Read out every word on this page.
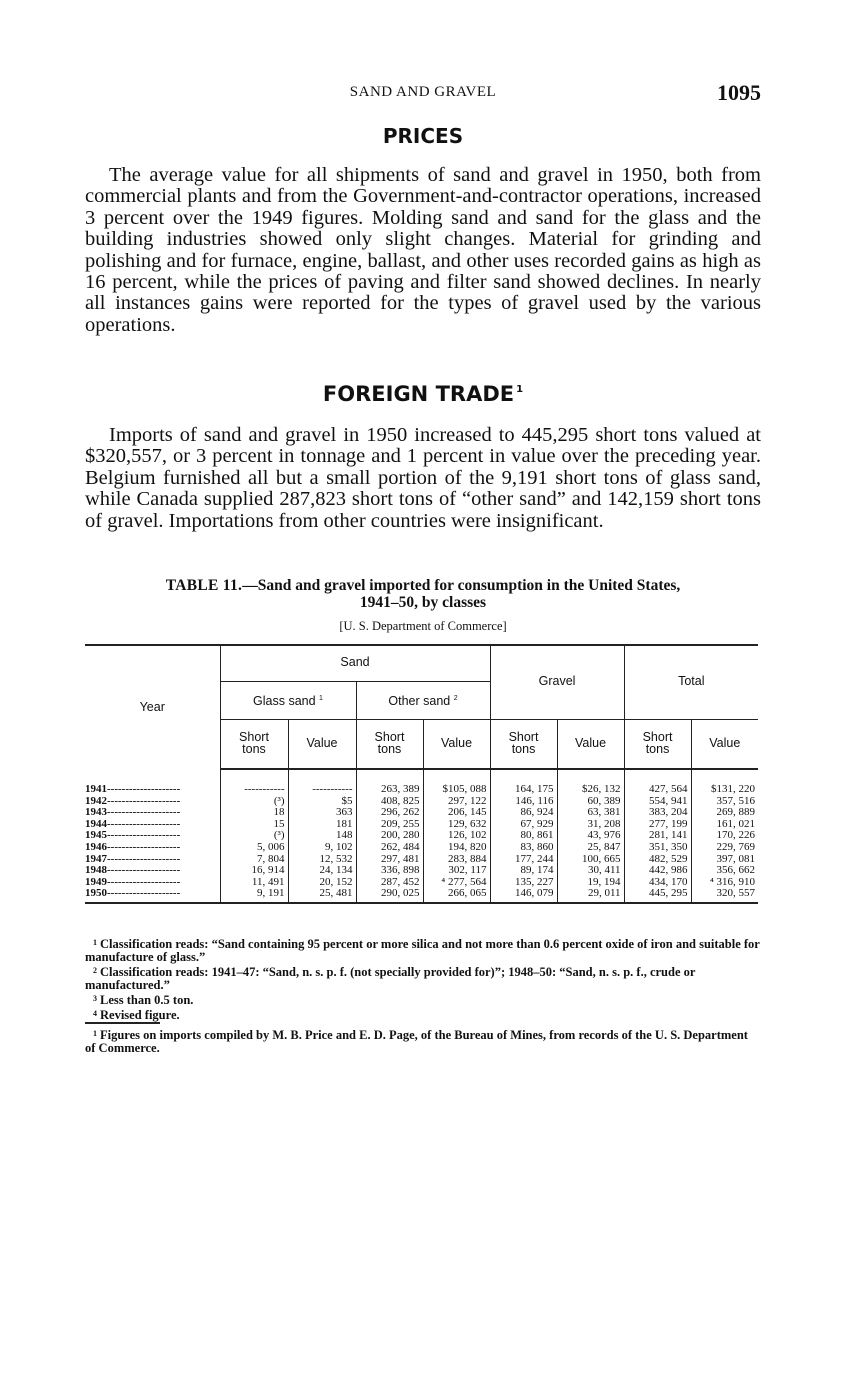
SAND AND GRAVEL	1095
PRICES

The average value for all shipments of sand and gravel in 1950, both from commercial plants and from the Government-and-contractor operations, increased 3 percent over the 1949 figures. Molding sand and sand for the glass and the building industries showed only slight changes. Material for grinding and polishing and for furnace, engine, ballast, and other uses recorded gains as high as 16 percent, while the prices of paving and filter sand showed declines. In nearly all instances gains were reported for the types of gravel used by the various operations.

FOREIGN TRADE $^1$

Imports of sand and gravel in 1950 increased to 445,295 short tons valued at $320,557, or 3 percent in tonnage and 1 percent in value over the preceding year. Belgium furnished all but a small portion of the 9,191 short tons of glass sand, while Canada supplied 287,823 short tons of “other sand” and 142,159 short tons of gravel. Importations from other countries were insignificant.

TABLE 11.—Sand and gravel imported for consumption in the United States,
1941–50, by classes
[U. S. Department of Commerce]
Year	Sand				Gravel		Total	
	Glass sand $^1$		Other sand $^2$
	Short
tons	Value	Short
tons	Value	Short
tons	Value	Short
tons	Value
1941--------------------	-----------	-----------	263, 389	$105, 088	164, 175	$26, 132	427, 564	$131, 220
1942--------------------	(³)	$5	408, 825	297, 122	146, 116	60, 389	554, 941	357, 516
1943--------------------	18	363	296, 262	206, 145	86, 924	63, 381	383, 204	269, 889
1944--------------------	15	181	209, 255	129, 632	67, 929	31, 208	277, 199	161, 021
1945--------------------	(³)	148	200, 280	126, 102	80, 861	43, 976	281, 141	170, 226
1946--------------------	5, 006	9, 102	262, 484	194, 820	83, 860	25, 847	351, 350	229, 769
1947--------------------	7, 804	12, 532	297, 481	283, 884	177, 244	100, 665	482, 529	397, 081
1948--------------------	16, 914	24, 134	336, 898	302, 117	89, 174	30, 411	442, 986	356, 662
1949--------------------	11, 491	20, 152	287, 452	⁴ 277, 564	135, 227	19, 194	434, 170	⁴ 316, 910
1950--------------------	9, 191	25, 481	290, 025	266, 065	146, 079	29, 011	445, 295	320, 557

$^1$ Classification reads: “Sand containing 95 percent or more silica and not more than 0.6 percent oxide of iron and suitable for manufacture of glass.”

$^2$ Classification reads: 1941–47: “Sand, n. s. p. f. (not specially provided for)”; 1948–50: “Sand, n. s. p. f., crude or manufactured.”

$^3$ Less than 0.5 ton.

$^4$ Revised figure.

$^1$ Figures on imports compiled by M. B. Price and E. D. Page, of the Bureau of Mines, from records of the U. S. Department of Commerce.
